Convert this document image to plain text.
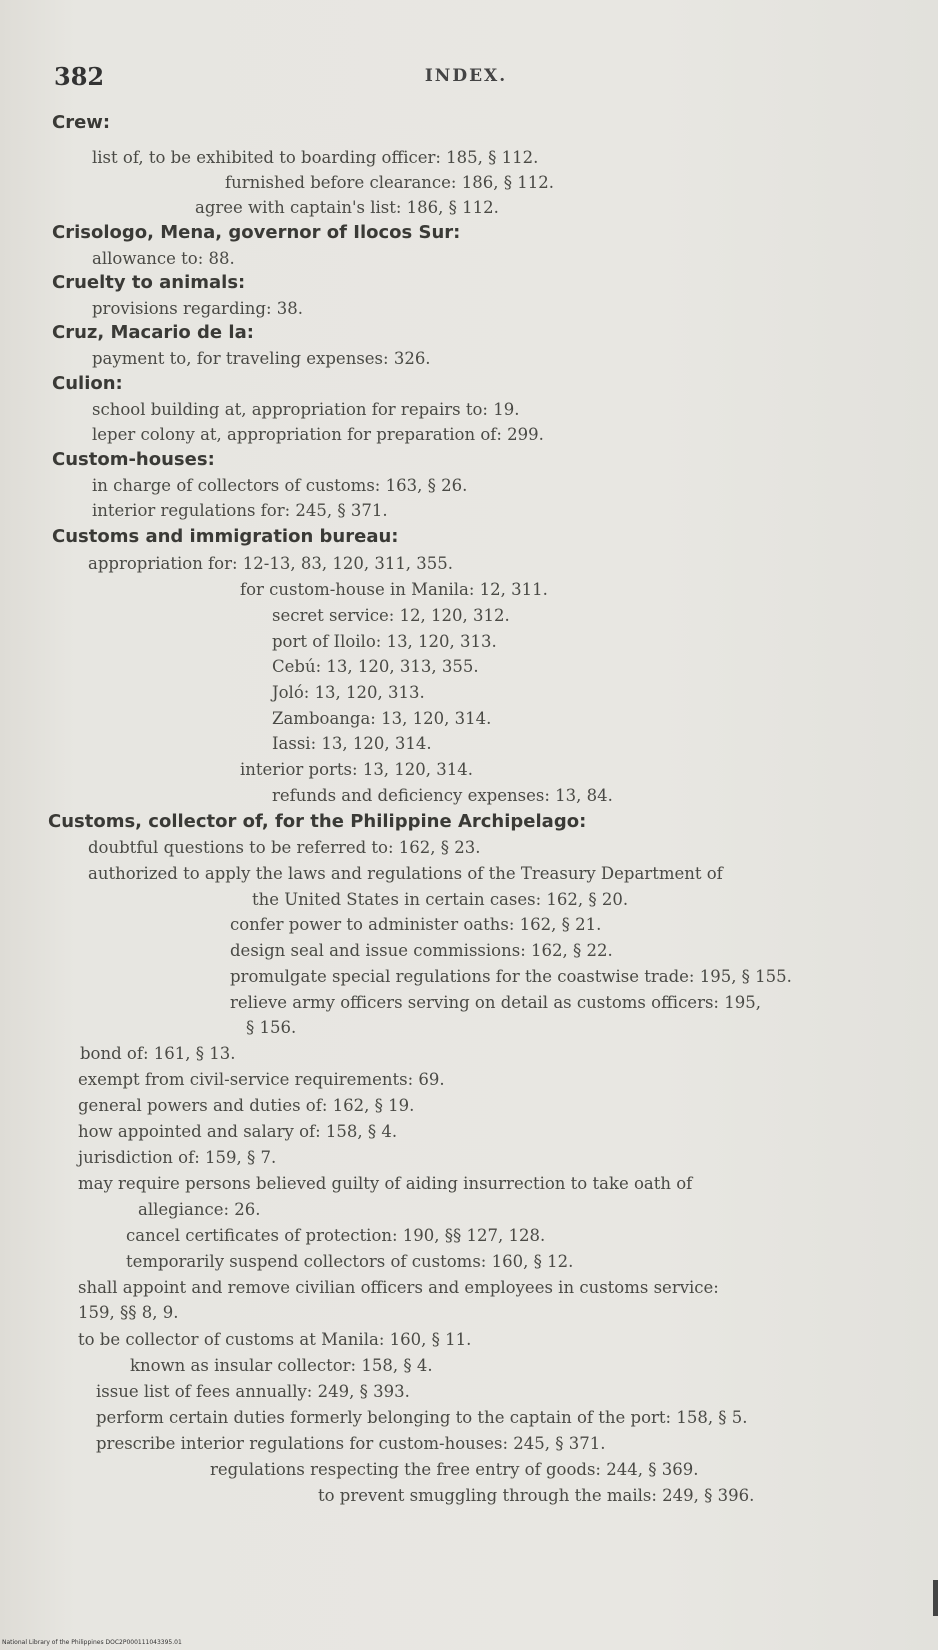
382	INDEX.
Crew:
list of, to be exhibited to boarding officer: 185, § 112.
furnished before clearance: 186, § 112.
agree with captain's list: 186, § 112.
Crisologo, Mena, governor of Ilocos Sur:
allowance to: 88.
Cruelty to animals:
provisions regarding: 38.
Cruz, Macario de la:
payment to, for traveling expenses: 326.
Culion:
school building at, appropriation for repairs to: 19.
leper colony at, appropriation for preparation of: 299.
Custom-houses:
in charge of collectors of customs: 163, § 26.
interior regulations for: 245, § 371.
Customs and immigration bureau:
appropriation for: 12-13, 83, 120, 311, 355.
for custom-house in Manila: 12, 311.
secret service: 12, 120, 312.
port of Iloilo: 13, 120, 313.
Cebú: 13, 120, 313, 355.
Joló: 13, 120, 313.
Zamboanga: 13, 120, 314.
Iassi: 13, 120, 314.
interior ports: 13, 120, 314.
refunds and deficiency expenses: 13, 84.
Customs, collector of, for the Philippine Archipelago:
doubtful questions to be referred to: 162, § 23.
authorized to apply the laws and regulations of the Treasury Department of
the United States in certain cases: 162, § 20.
confer power to administer oaths: 162, § 21.
design seal and issue commissions: 162, § 22.
promulgate special regulations for the coastwise trade: 195, § 155.
relieve army officers serving on detail as customs officers: 195,
§ 156.
bond of: 161, § 13.
exempt from civil-service requirements: 69.
general powers and duties of: 162, § 19.
how appointed and salary of: 158, § 4.
jurisdiction of: 159, § 7.
may require persons believed guilty of aiding insurrection to take oath of
allegiance: 26.
cancel certificates of protection: 190, §§ 127, 128.
temporarily suspend collectors of customs: 160, § 12.
shall appoint and remove civilian officers and employees in customs service:
159, §§ 8, 9.
to be collector of customs at Manila: 160, § 11.
known as insular collector: 158, § 4.
issue list of fees annually: 249, § 393.
perform certain duties formerly belonging to the captain of the port: 158, § 5.
prescribe interior regulations for custom-houses: 245, § 371.
regulations respecting the free entry of goods: 244, § 369.
to prevent smuggling through the mails: 249, § 396.
National Library of the Philippines DOC2P000111043395.01
